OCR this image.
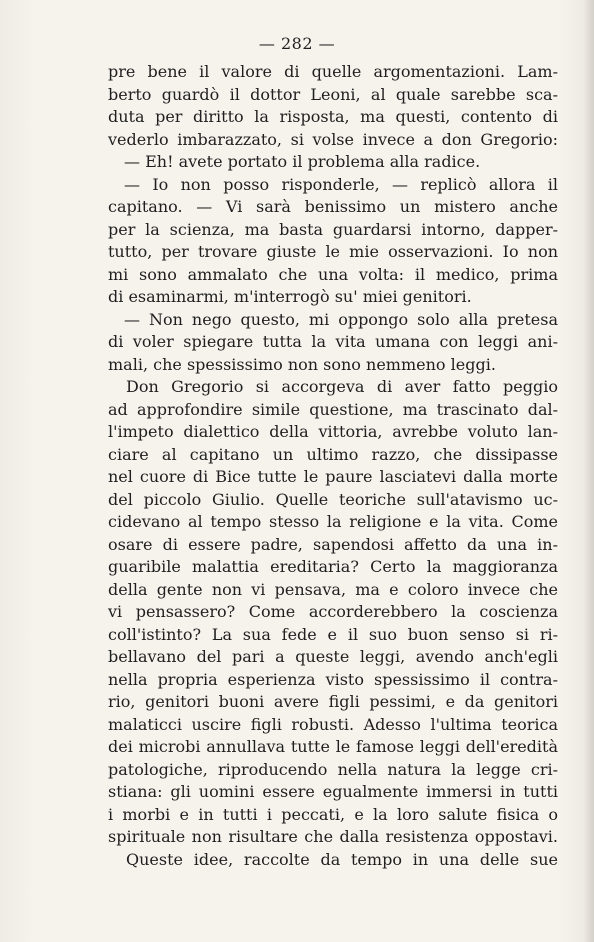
— 282 —
pre bene il valore di quelle argomentazioni. Lam-
berto guardò il dottor Leoni, al quale sarebbe sca-
duta per diritto la risposta, ma questi, contento di
vederlo imbarazzato, si volse invece a don Gregorio:
— Eh! avete portato il problema alla radice.
— Io non posso risponderle, — replicò allora il
capitano. — Vi sarà benissimo un mistero anche
per la scienza, ma basta guardarsi intorno, dapper-
tutto, per trovare giuste le mie osservazioni. Io non
mi sono ammalato che una volta: il medico, prima
di esaminarmi, m'interrogò su' miei genitori.
— Non nego questo, mi oppongo solo alla pretesa
di voler spiegare tutta la vita umana con leggi ani-
mali, che spessissimo non sono nemmeno leggi.
Don Gregorio si accorgeva di aver fatto peggio
ad approfondire simile questione, ma trascinato dal-
l'impeto dialettico della vittoria, avrebbe voluto lan-
ciare al capitano un ultimo razzo, che dissipasse
nel cuore di Bice tutte le paure lasciatevi dalla morte
del piccolo Giulio. Quelle teoriche sull'atavismo uc-
cidevano al tempo stesso la religione e la vita. Come
osare di essere padre, sapendosi affetto da una in-
guaribile malattia ereditaria? Certo la maggioranza
della gente non vi pensava, ma e coloro invece che
vi pensassero? Come accorderebbero la coscienza
coll'istinto? La sua fede e il suo buon senso si ri-
bellavano del pari a queste leggi, avendo anch'egli
nella propria esperienza visto spessissimo il contra-
rio, genitori buoni avere figli pessimi, e da genitori
malaticci uscire figli robusti. Adesso l'ultima teorica
dei microbi annullava tutte le famose leggi dell'eredità
patologiche, riproducendo nella natura la legge cri-
stiana: gli uomini essere egualmente immersi in tutti
i morbi e in tutti i peccati, e la loro salute fisica o
spirituale non risultare che dalla resistenza oppostavi.
Queste idee, raccolte da tempo in una delle sue
